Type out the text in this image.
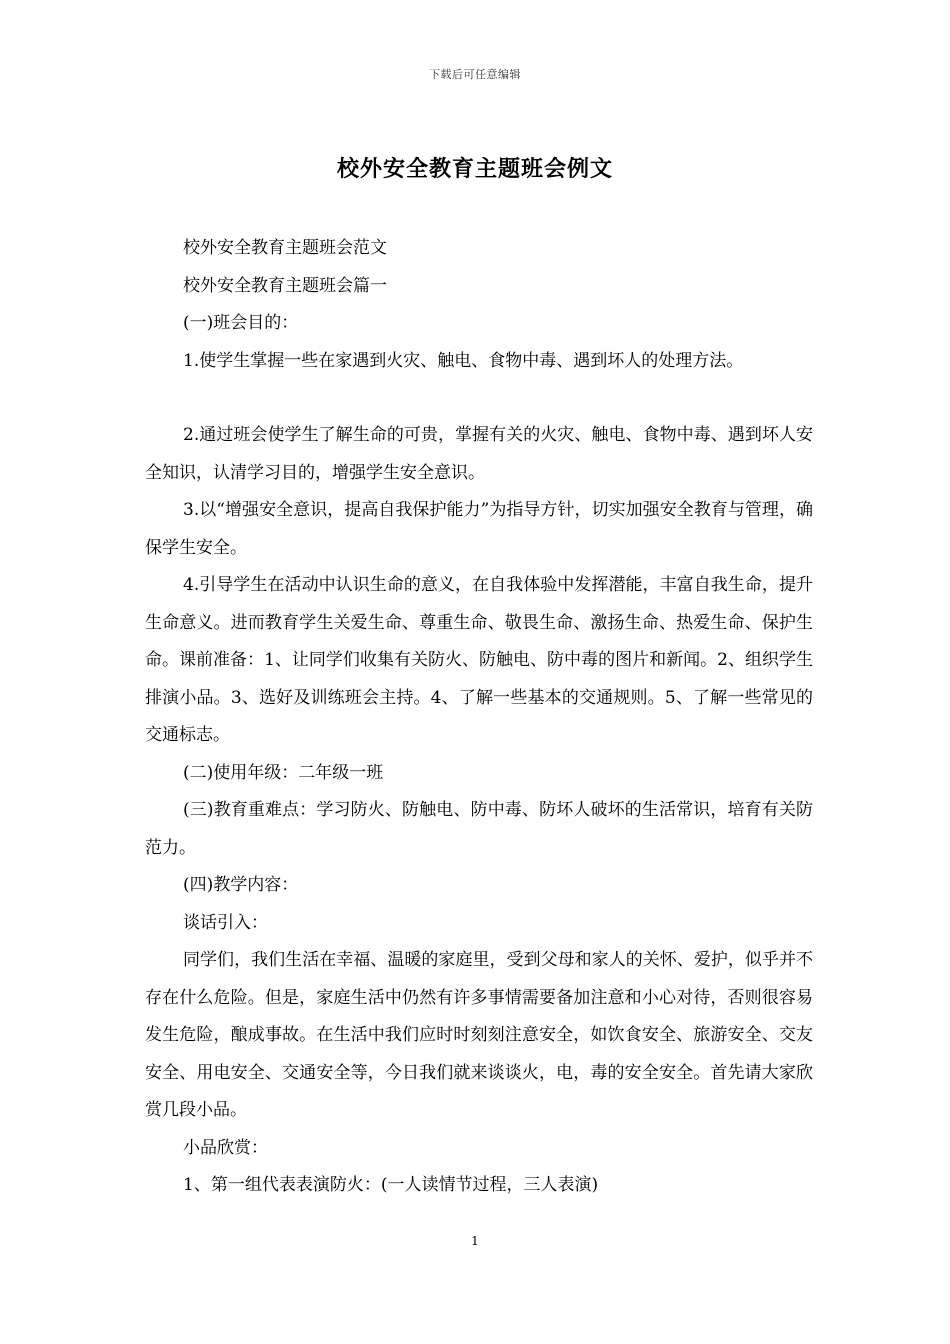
下载后可任意编辑
校外安全教育主题班会例文

校外安全教育主题班会范文

校外安全教育主题班会篇一

(一)班会目的：

1.使学生掌握一些在家遇到火灾、触电、食物中毒、遇到坏人的处理方法。

2.通过班会使学生了解生命的可贵，掌握有关的火灾、触电、食物中毒、遇到坏人安全知识，认清学习目的，增强学生安全意识。

3.以“增强安全意识，提高自我保护能力”为指导方针，切实加强安全教育与管理，确保学生安全。

4.引导学生在活动中认识生命的意义，在自我体验中发挥潜能，丰富自我生命，提升生命意义。进而教育学生关爱生命、尊重生命、敬畏生命、激扬生命、热爱生命、保护生命。课前准备：1、让同学们收集有关防火、防触电、防中毒的图片和新闻。2、组织学生排演小品。3、选好及训练班会主持。4、了解一些基本的交通规则。5、了解一些常见的交通标志。

(二)使用年级：二年级一班

(三)教育重难点：学习防火、防触电、防中毒、防坏人破坏的生活常识，培育有关防范力。

(四)教学内容：

谈话引入：

同学们，我们生活在幸福、温暖的家庭里，受到父母和家人的关怀、爱护，似乎并不存在什么危险。但是，家庭生活中仍然有许多事情需要备加注意和小心对待，否则很容易发生危险，酿成事故。在生活中我们应时时刻刻注意安全，如饮食安全、旅游安全、交友安全、用电安全、交通安全等，今日我们就来谈谈火，电，毒的安全安全。首先请大家欣赏几段小品。

小品欣赏：

1、第一组代表表演防火：(一人读情节过程，三人表演)

1
